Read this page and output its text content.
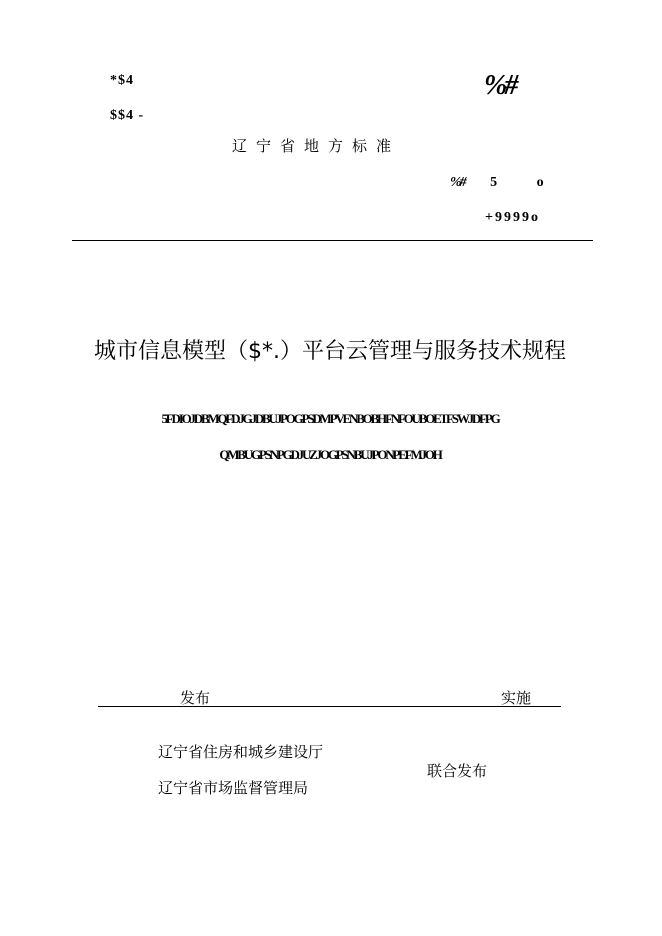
*$4
$$4 -
%#
辽宁省地方标准
%# 5	o
+9999o
城市信息模型（$*.）平台云管理与服务技术规程
5FDIOJDBMQFDJGJDBUJPOGPSDMPVENBOBHFNFOUBOETFSWJDFPG
QMBUGPSNPGDJUZJOGPSNBUJPONPEFMJOH
发布	实施
辽宁省住房和城乡建设厅
辽宁省市场监督管理局
联合发布
